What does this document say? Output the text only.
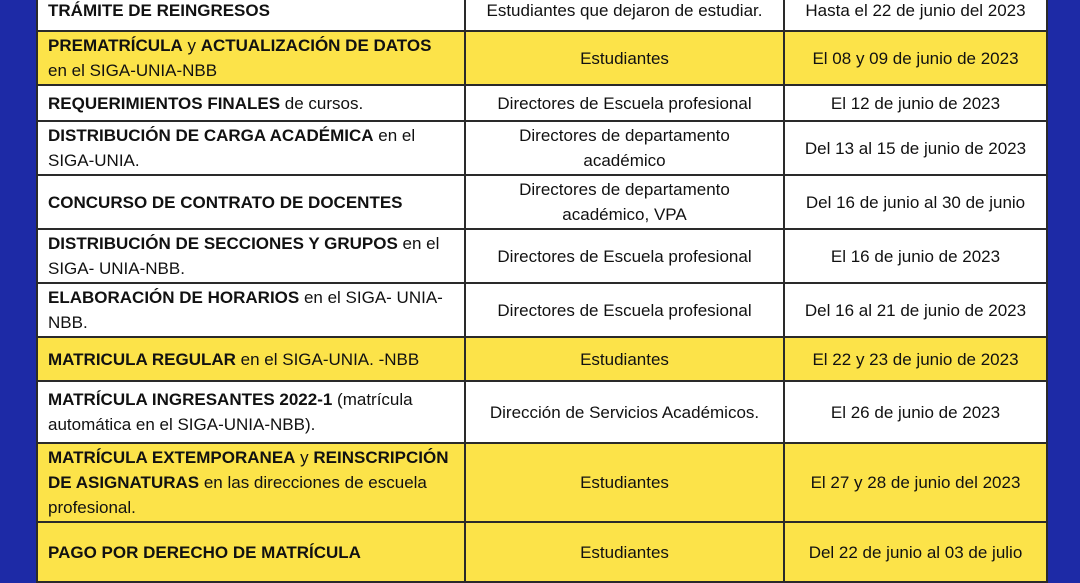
TRÁMITE DE REINGRESOS	Estudiantes que dejaron de estudiar.	Hasta el 22 de junio del 2023
PREMATRÍCULA y ACTUALIZACIÓN DE DATOS en el SIGA-UNIA-NBB	Estudiantes	El 08 y 09 de junio de 2023
REQUERIMIENTOS FINALES de cursos.	Directores de Escuela profesional	El 12 de junio de 2023
DISTRIBUCIÓN DE CARGA ACADÉMICA en el SIGA-UNIA.	Directores de departamento académico	Del 13 al 15 de junio de 2023
CONCURSO DE CONTRATO DE DOCENTES	Directores de departamento académico, VPA	Del 16 de junio al 30 de junio
DISTRIBUCIÓN DE SECCIONES Y GRUPOS en el SIGA- UNIA-NBB.	Directores de Escuela profesional	El 16 de junio de 2023
ELABORACIÓN DE HORARIOS en el SIGA- UNIA-NBB.	Directores de Escuela profesional	Del 16 al 21 de junio de 2023
MATRICULA REGULAR en el SIGA-UNIA. -NBB	Estudiantes	El 22 y 23 de junio de 2023
MATRÍCULA INGRESANTES 2022-1 (matrícula automática en el SIGA-UNIA-NBB).	Dirección de Servicios Académicos.	El 26 de junio de 2023
MATRÍCULA EXTEMPORANEA y REINSCRIPCIÓN DE ASIGNATURAS en las direcciones de escuela profesional.	Estudiantes	El 27 y 28 de junio del 2023
PAGO POR DERECHO DE MATRÍCULA	Estudiantes	Del 22 de junio al 03 de julio
